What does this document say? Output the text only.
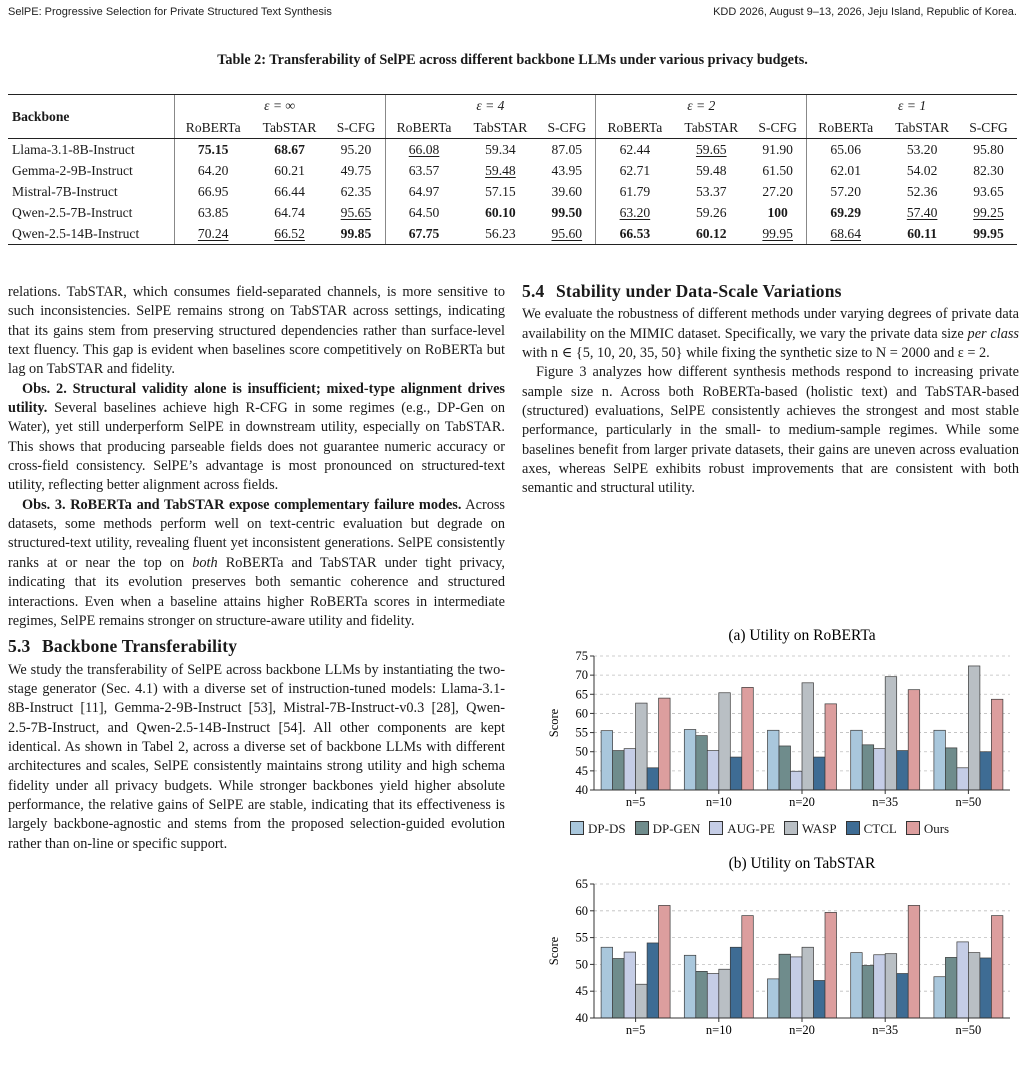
SelPE: Progressive Selection for Private Structured Text Synthesis	KDD 2026, August 9–13, 2026, Jeju Island, Republic of Korea.
Table 2: Transferability of SelPE across different backbone LLMs under various privacy budgets.
Backbone	ε = ∞			ε = 4			ε = 2			ε = 1		
	RoBERTa	TabSTAR	S-CFG	RoBERTa	TabSTAR	S-CFG	RoBERTa	TabSTAR	S-CFG	RoBERTa	TabSTAR	S-CFG
Llama-3.1-8B-Instruct	75.15	68.67	95.20	66.08	59.34	87.05	62.44	59.65	91.90	65.06	53.20	95.80
Gemma-2-9B-Instruct	64.20	60.21	49.75	63.57	59.48	43.95	62.71	59.48	61.50	62.01	54.02	82.30
Mistral-7B-Instruct	66.95	66.44	62.35	64.97	57.15	39.60	61.79	53.37	27.20	57.20	52.36	93.65
Qwen-2.5-7B-Instruct	63.85	64.74	95.65	64.50	60.10	99.50	63.20	59.26	100	69.29	57.40	99.25
Qwen-2.5-14B-Instruct	70.24	66.52	99.85	67.75	56.23	95.60	66.53	60.12	99.95	68.64	60.11	99.95

relations. TabSTAR, which consumes field-separated channels, is more sensitive to such inconsistencies. SelPE remains strong on TabSTAR across settings, indicating that its gains stem from preserving structured dependencies rather than surface-level text fluency. This gap is evident when baselines score competitively on RoBERTa but lag on TabSTAR and fidelity.

Obs. 2. Structural validity alone is insufficient; mixed-type alignment drives utility. Several baselines achieve high R-CFG in some regimes (e.g., DP-Gen on Water), yet still underperform SelPE in downstream utility, especially on TabSTAR. This shows that producing parseable fields does not guarantee numeric accuracy or cross-field consistency. SelPE’s advantage is most pronounced on structured-text utility, reflecting better alignment across fields.

Obs. 3. RoBERTa and TabSTAR expose complementary failure modes. Across datasets, some methods perform well on text-centric evaluation but degrade on structured-text utility, revealing fluent yet inconsistent generations. SelPE consistently ranks at or near the top on both RoBERTa and TabSTAR under tight privacy, indicating that its evolution preserves both semantic coherence and structured interactions. Even when a baseline attains higher RoBERTa scores in intermediate regimes, SelPE remains stronger on structure-aware utility and fidelity.

5.3 Backbone Transferability

We study the transferability of SelPE across backbone LLMs by instantiating the two-stage generator (Sec. 4.1) with a diverse set of instruction-tuned models: Llama-3.1-8B-Instruct [11], Gemma-2-9B-Instruct [53], Mistral-7B-Instruct-v0.3 [28], Qwen-2.5-7B-Instruct, and Qwen-2.5-14B-Instruct [54]. All other components are kept identical. As shown in Tabel 2, across a diverse set of backbone LLMs with different architectures and scales, SelPE consistently maintains strong utility and high schema fidelity under all privacy budgets. While stronger backbones yield higher absolute performance, the relative gains of SelPE are stable, indicating that its effectiveness is largely backbone-agnostic and stems from the proposed selection-guided evolution rather than on-line or specific support.

5.4 Stability under Data-Scale Variations

We evaluate the robustness of different methods under varying degrees of private data availability on the MIMIC dataset. Specifically, we vary the private data size per class with n ∈ {5, 10, 20, 35, 50} while fixing the synthetic size to N = 2000 and ε = 2.

Figure 3 analyzes how different synthesis methods respond to increasing private sample size n. Across both RoBERTa-based (holistic text) and TabSTAR-based (structured) evaluations, SelPE consistently achieves the strongest and most stable performance, particularly in the small- to medium-sample regimes. While some baselines benefit from larger private datasets, their gains are uneven across evaluation axes, whereas SelPE exhibits robust improvements that are consistent with both semantic and structural utility.

(a) Utility on RoBERTa
40
45
50
55
60
65
70
75
Score
n=5	n=10	n=20	n=35	n=50
DP-DS DP-GEN AUG-PE WASP CTCL Ours
(b) Utility on TabSTAR
40
45
50
55
60
65
Score
n=5	n=10	n=20	n=35	n=50
